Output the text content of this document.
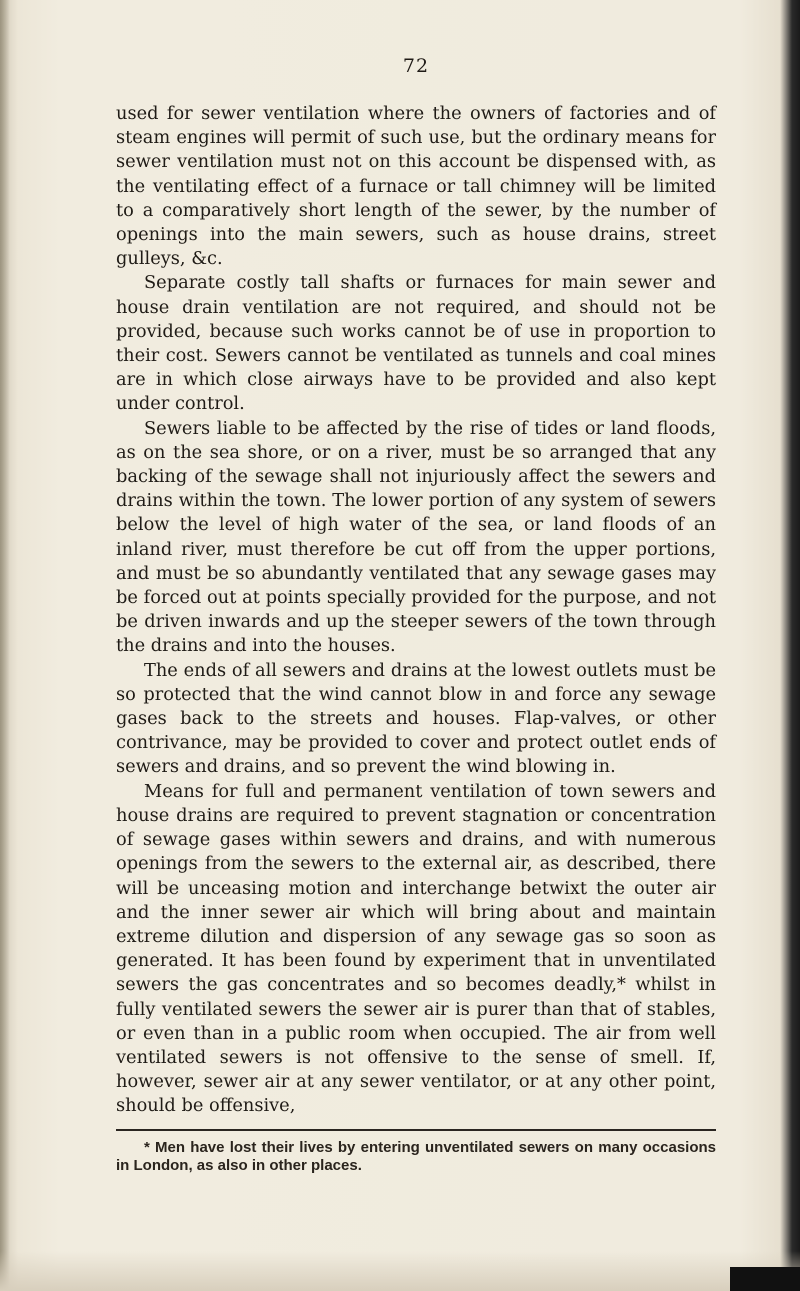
72

used for sewer ventilation where the owners of factories and of steam engines will permit of such use, but the ordinary means for sewer ventilation must not on this account be dispensed with, as the ventilating effect of a furnace or tall chimney will be limited to a comparatively short length of the sewer, by the number of openings into the main sewers, such as house drains, street gulleys, &c.

Separate costly tall shafts or furnaces for main sewer and house drain ventilation are not required, and should not be provided, because such works cannot be of use in proportion to their cost. Sewers cannot be ventilated as tunnels and coal mines are in which close airways have to be provided and also kept under control.

Sewers liable to be affected by the rise of tides or land floods, as on the sea shore, or on a river, must be so arranged that any backing of the sewage shall not injuriously affect the sewers and drains within the town. The lower portion of any system of sewers below the level of high water of the sea, or land floods of an inland river, must therefore be cut off from the upper portions, and must be so abundantly ventilated that any sewage gases may be forced out at points specially provided for the purpose, and not be driven inwards and up the steeper sewers of the town through the drains and into the houses.

The ends of all sewers and drains at the lowest outlets must be so protected that the wind cannot blow in and force any sewage gases back to the streets and houses. Flap-valves, or other contrivance, may be provided to cover and protect outlet ends of sewers and drains, and so prevent the wind blowing in.

Means for full and permanent ventilation of town sewers and house drains are required to prevent stagnation or concentration of sewage gases within sewers and drains, and with numerous openings from the sewers to the external air, as described, there will be unceasing motion and interchange betwixt the outer air and the inner sewer air which will bring about and maintain extreme dilution and dispersion of any sewage gas so soon as generated. It has been found by experiment that in unventilated sewers the gas concentrates and so becomes deadly,* whilst in fully ventilated sewers the sewer air is purer than that of stables, or even than in a public room when occupied. The air from well ventilated sewers is not offensive to the sense of smell. If, however, sewer air at any sewer ventilator, or at any other point, should be offensive,

* Men have lost their lives by entering unventilated sewers on many occasions in London, as also in other places.
